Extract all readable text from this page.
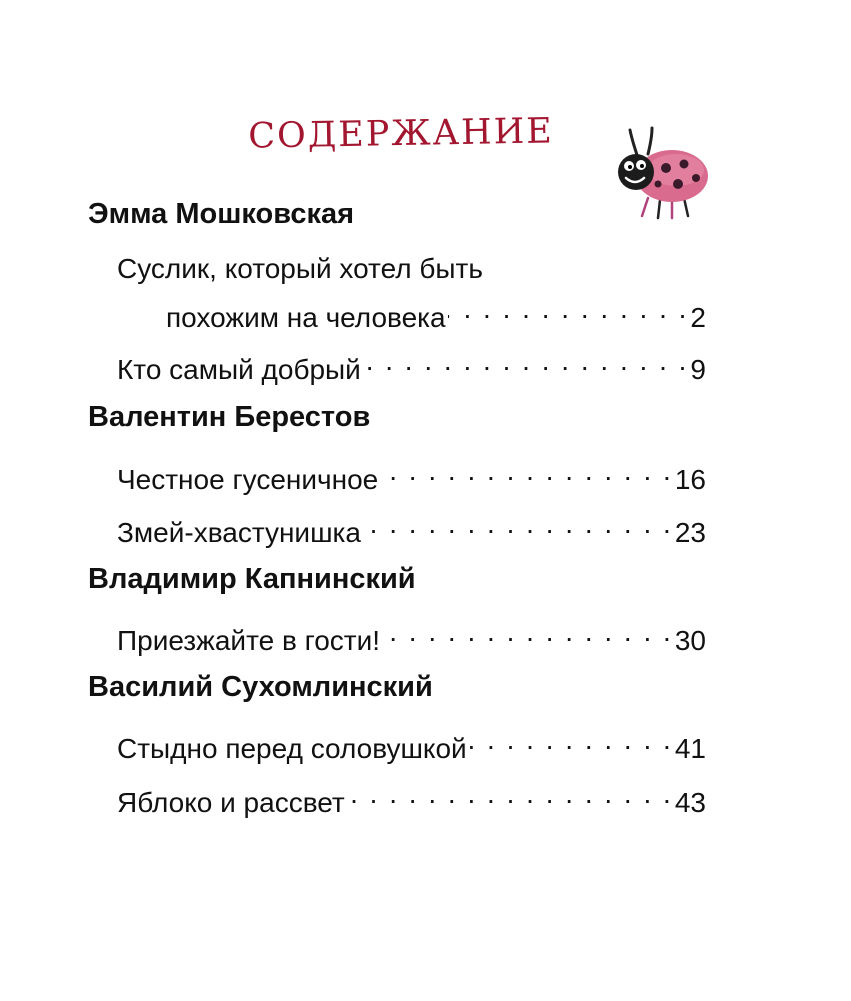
СОДЕРЖАНИЕ
Эмма Мошковская
Суслик, который хотел быть
похожим на человека . . .	2
Кто самый добрый . . .	9
Валентин Берестов
Честное гусеничное . . .	16
Змей-хвастунишка . . .	23
Владимир Капнинский
Приезжайте в гости! . . .	30
Василий Сухомлинский
Стыдно перед соловушкой . . .	41
Яблоко и рассвет . . .	43
